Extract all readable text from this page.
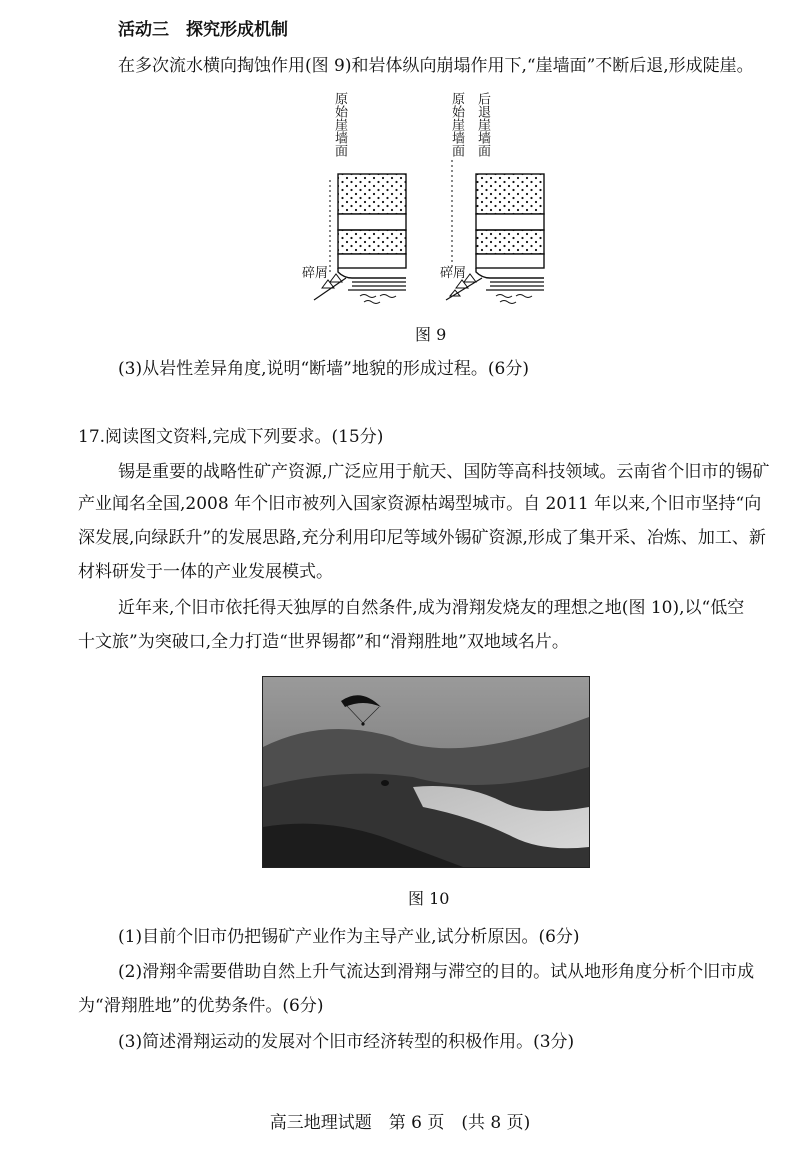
活动三　探究形成机制
在多次流水横向掏蚀作用(图 9)和岩体纵向崩塌作用下,“崖墙面”不断后退,形成陡崖。
原始崖墙面	原始崖墙面 后退崖墙面
碎屑	碎屑
图 9
(3)从岩性差异角度,说明“断墙”地貌的形成过程。(6分)
17.阅读图文资料,完成下列要求。(15分)
锡是重要的战略性矿产资源,广泛应用于航天、国防等高科技领域。云南省个旧市的锡矿
产业闻名全国,2008 年个旧市被列入国家资源枯竭型城市。自 2011 年以来,个旧市坚持“向
深发展,向绿跃升”的发展思路,充分利用印尼等域外锡矿资源,形成了集开采、冶炼、加工、新
材料研发于一体的产业发展模式。
近年来,个旧市依托得天独厚的自然条件,成为滑翔发烧友的理想之地(图 10),以“低空
十文旅”为突破口,全力打造“世界锡都”和“滑翔胜地”双地域名片。
图 10
(1)目前个旧市仍把锡矿产业作为主导产业,试分析原因。(6分)
(2)滑翔伞需要借助自然上升气流达到滑翔与滞空的目的。试从地形角度分析个旧市成
为“滑翔胜地”的优势条件。(6分)
(3)简述滑翔运动的发展对个旧市经济转型的积极作用。(3分)
高三地理试题　第 6 页　(共 8 页)
